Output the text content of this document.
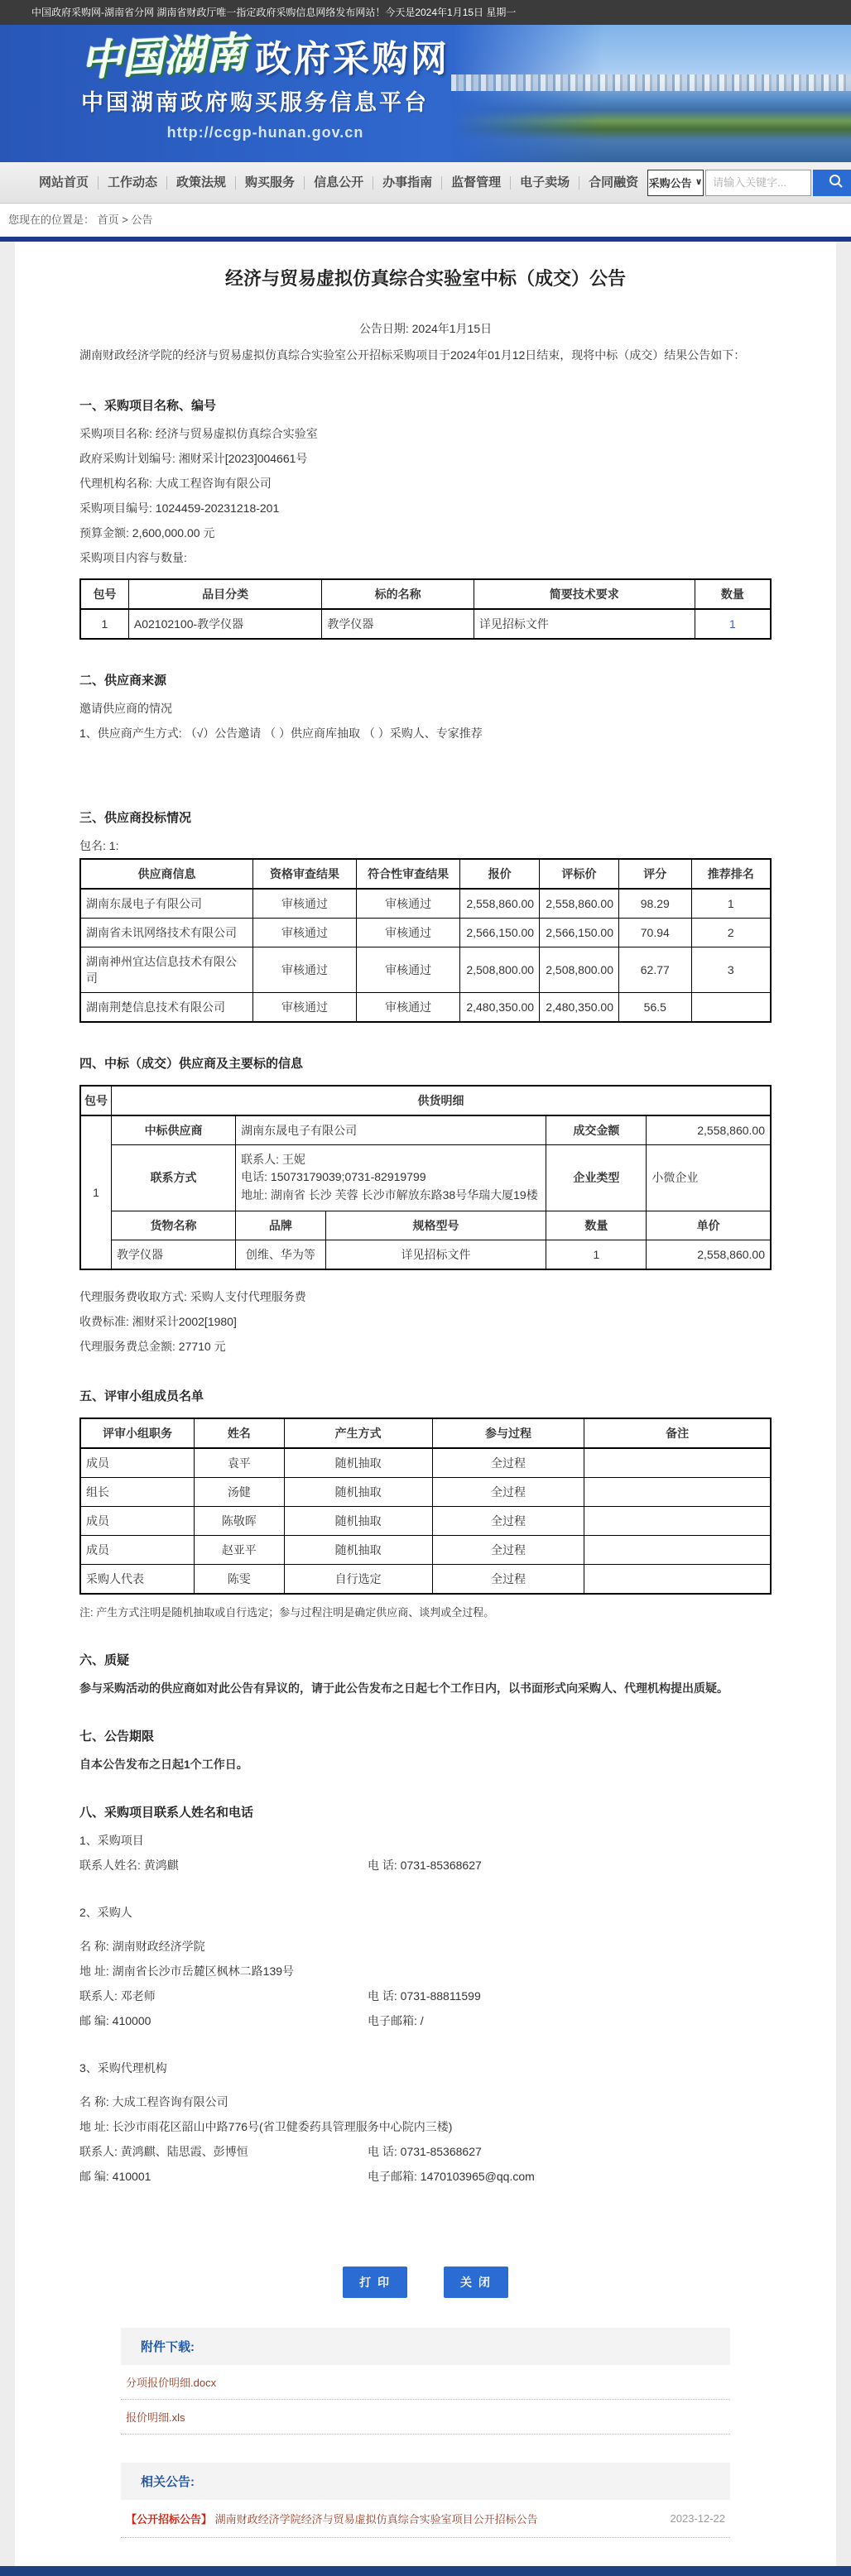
中国政府采购网-湖南省分网 湖南省财政厅唯一指定政府采购信息网络发布网站！今天是2024年1月15日 星期一
中国湖南 政府采购网
中国湖南政府购买服务信息平台
http://ccgp-hunan.gov.cn
网站首页	工作动态	政策法规	购买服务	信息公开	办事指南	监督管理	电子卖场	合同融资 采购公告 ∨
请输入关键字...
您现在的位置是： 首页 > 公告
经济与贸易虚拟仿真综合实验室中标（成交）公告
公告日期: 2024年1月15日

湖南财政经济学院的经济与贸易虚拟仿真综合实验室公开招标采购项目于2024年01月12日结束，现将中标（成交）结果公告如下：

一、采购项目名称、编号

采购项目名称: 经济与贸易虚拟仿真综合实验室

政府采购计划编号: 湘财采计[2023]004661号

代理机构名称: 大成工程咨询有限公司

采购项目编号: 1024459-20231218-201

预算金额: 2,600,000.00 元

采购项目内容与数量:

包号	品目分类	标的名称	简要技术要求	数量
1	A02102100-教学仪器	教学仪器	详见招标文件	1
二、供应商来源

邀请供应商的情况

1、供应商产生方式: （√）公告邀请 （ ）供应商库抽取 （ ）采购人、专家推荐

三、供应商投标情况

包名: 1:

供应商信息	资格审查结果	符合性审查结果	报价	评标价	评分	推荐排名
湖南东晟电子有限公司	审核通过	审核通过	2,558,860.00	2,558,860.00	98.29	1
湖南省未讯网络技术有限公司	审核通过	审核通过	2,566,150.00	2,566,150.00	70.94	2
湖南神州宜达信息技术有限公司	审核通过	审核通过	2,508,800.00	2,508,800.00	62.77	3
湖南荆楚信息技术有限公司	审核通过	审核通过	2,480,350.00	2,480,350.00	56.5	
四、中标（成交）供应商及主要标的信息
包号	供货明细				
1	中标供应商	湖南东晟电子有限公司		成交金额	2,558,860.00
	联系方式	联系人: 王妮
电话: 15073179039;0731-82919799
地址: 湖南省 长沙 芙蓉 长沙市解放东路38号华瑞大厦19楼		企业类型	小微企业
	货物名称	品牌	规格型号	数量	单价
	教学仪器	创维、华为等	详见招标文件	1	2,558,860.00

代理服务费收取方式: 采购人支付代理服务费

收费标准: 湘财采计2002[1980]

代理服务费总金额: 27710 元

五、评审小组成员名单
评审小组职务	姓名	产生方式	参与过程	备注
成员	袁平	随机抽取	全过程	
组长	汤健	随机抽取	全过程	
成员	陈敬晖	随机抽取	全过程	
成员	赵亚平	随机抽取	全过程	
采购人代表	陈雯	自行选定	全过程	

注: 产生方式注明是随机抽取或自行选定；参与过程注明是确定供应商、谈判或全过程。

六、质疑

参与采购活动的供应商如对此公告有异议的，请于此公告发布之日起七个工作日内，以书面形式向采购人、代理机构提出质疑。

七、公告期限

自本公告发布之日起1个工作日。

八、采购项目联系人姓名和电话

1、采购项目

联系人姓名: 黄鸿麒	电 话: 0731-85368627

2、采购人

名 称: 湖南财政经济学院
地 址: 湖南省长沙市岳麓区枫林二路139号
联系人: 邓老师	电 话: 0731-88811599
邮 编: 410000	电子邮箱: /

3、采购代理机构

名 称: 大成工程咨询有限公司
地 址: 长沙市雨花区韶山中路776号(省卫健委药具管理服务中心院内三楼)
联系人: 黄鸿麒、陆思霞、彭博恒	电 话: 0731-85368627
邮 编: 410001	电子邮箱: 1470103965@qq.com
打 印	关 闭
附件下载:
分项报价明细.docx
报价明细.xls
相关公告:
【公开招标公告】 湖南财政经济学院经济与贸易虚拟仿真综合实验室项目公开招标公告	2023-12-22
